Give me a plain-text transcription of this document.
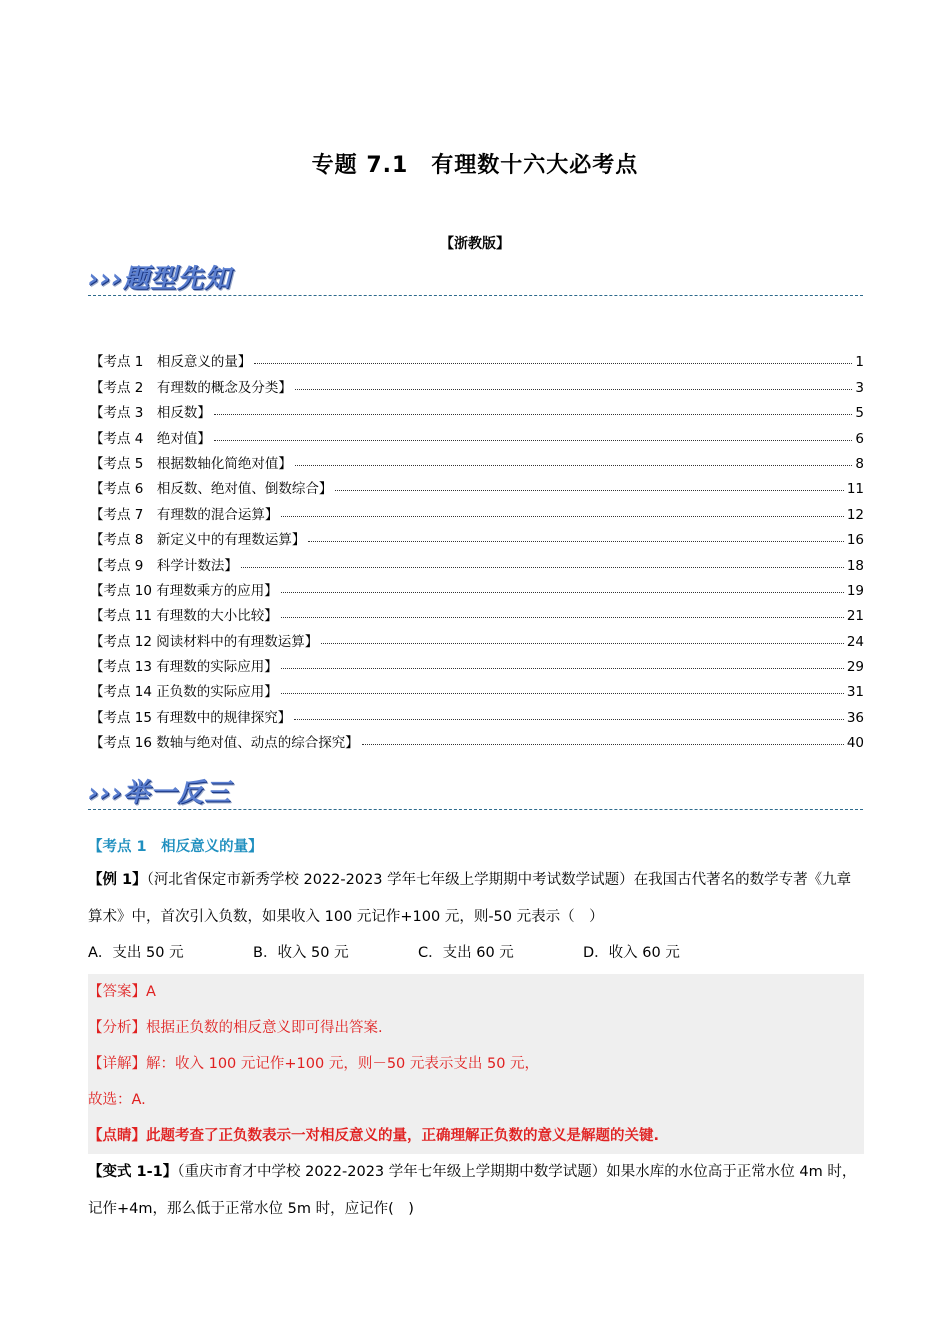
专题 7.1　有理数十六大必考点
【浙教版】
›››题型先知
【考点 1　相反意义的量】	1
【考点 2　有理数的概念及分类】	3
【考点 3　相反数】	5
【考点 4　绝对值】	6
【考点 5　根据数轴化简绝对值】	8
【考点 6　相反数、绝对值、倒数综合】	11
【考点 7　有理数的混合运算】	12
【考点 8　新定义中的有理数运算】	16
【考点 9　科学计数法】	18
【考点 10 有理数乘方的应用】	19
【考点 11 有理数的大小比较】	21
【考点 12 阅读材料中的有理数运算】	24
【考点 13 有理数的实际应用】	29
【考点 14 正负数的实际应用】	31
【考点 15 有理数中的规律探究】	36
【考点 16 数轴与绝对值、动点的综合探究】	40
›››举一反三
【考点 1　相反意义的量】
【例 1】（河北省保定市新秀学校 2022-2023 学年七年级上学期期中考试数学试题）在我国古代著名的数学专著《九章算术》中，首次引入负数，如果收入 100 元记作+100 元，则-50 元表示（　）
A．支出 50 元	B．收入 50 元	C．支出 60 元	D．收入 60 元
【答案】A
【分析】根据正负数的相反意义即可得出答案.
【详解】解：收入 100 元记作+100 元，则－50 元表示支出 50 元，
故选：A.
【点睛】此题考查了正负数表示一对相反意义的量，正确理解正负数的意义是解题的关键.
【变式 1-1】（重庆市育才中学校 2022-2023 学年七年级上学期期中数学试题）如果水库的水位高于正常水位 4m 时，记作+4m，那么低于正常水位 5m 时，应记作(　)
